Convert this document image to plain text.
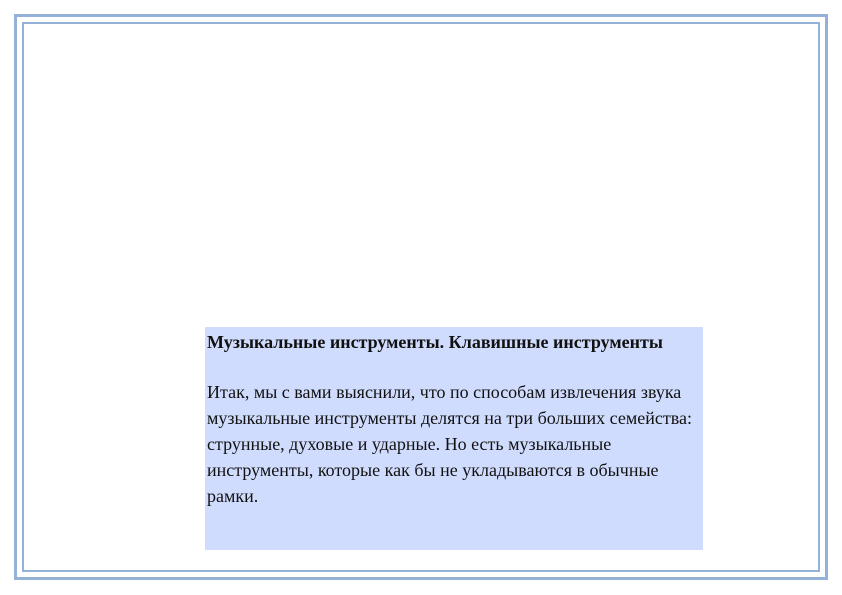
Музыкальные инструменты. Клавишные инструменты

Итак, мы с вами выяснили, что по способам извлечения звука музыкальные инструменты делятся на три больших семейства: струнные, духовые и ударные. Но есть музыкальные инструменты, которые как бы не укладываются в обычные рамки.
